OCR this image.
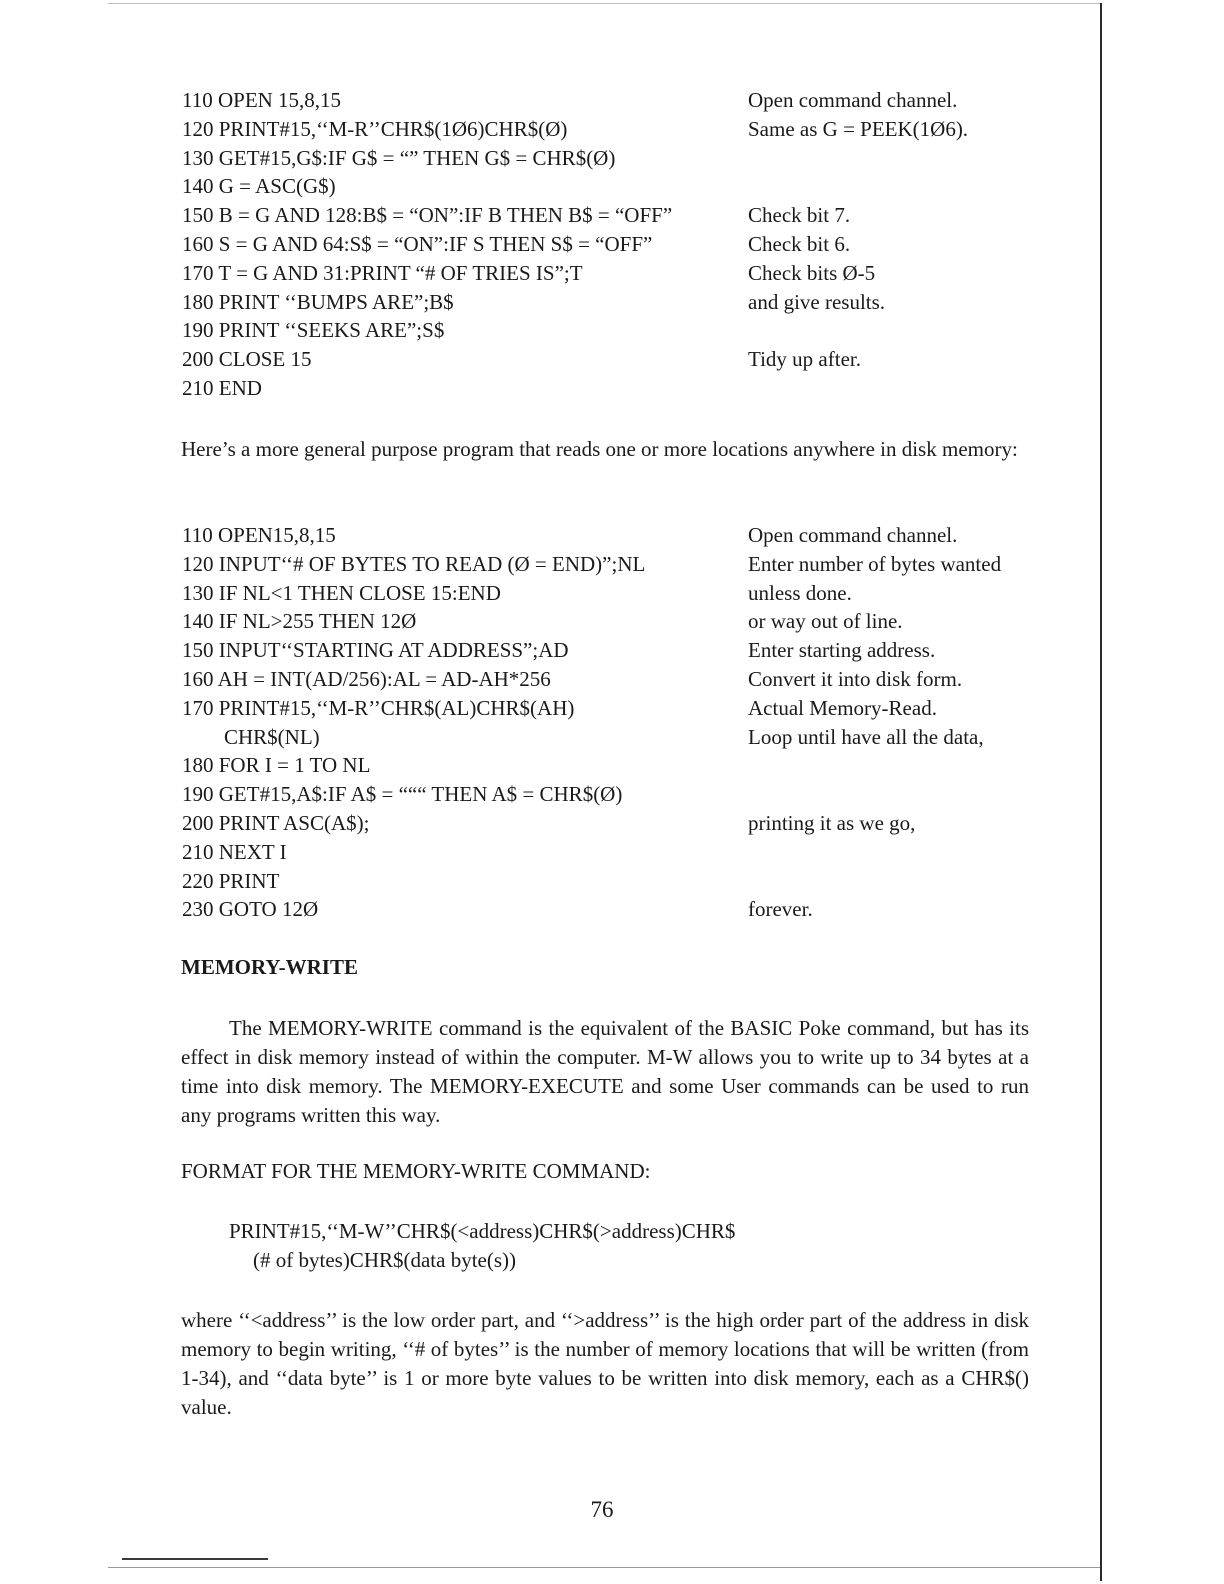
110 OPEN 15,8,15	Open command channel.
120 PRINT#15,‘‘M-R’’CHR$(1Ø6)CHR$(Ø)	Same as G = PEEK(1Ø6).
130 GET#15,G$:IF G$ = “” THEN G$ = CHR$(Ø)
140 G = ASC(G$)
150 B = G AND 128:B$ = “ON”:IF B THEN B$ = “OFF”	Check bit 7.
160 S = G AND 64:S$ = “ON”:IF S THEN S$ = “OFF”	Check bit 6.
170 T = G AND 31:PRINT “# OF TRIES IS”;T	Check bits Ø-5
180 PRINT ‘‘BUMPS ARE”;B$	and give results.
190 PRINT ‘‘SEEKS ARE”;S$
200 CLOSE 15	Tidy up after.
210 END

Here’s a more general purpose program that reads one or more locations anywhere in disk memory:

110 OPEN15,8,15	Open command channel.
120 INPUT‘‘# OF BYTES TO READ (Ø = END)”;NL	Enter number of bytes wanted
130 IF NL<1 THEN CLOSE 15:END	unless done.
140 IF NL>255 THEN 12Ø	or way out of line.
150 INPUT‘‘STARTING AT ADDRESS”;AD	Enter starting address.
160 AH = INT(AD/256):AL = AD-AH*256	Convert it into disk form.
170 PRINT#15,‘‘M-R’’CHR$(AL)CHR$(AH)	Actual Memory-Read.
CHR$(NL)	Loop until have all the data,
180 FOR I = 1 TO NL
190 GET#15,A$:IF A$ = “““ THEN A$ = CHR$(Ø)
200 PRINT ASC(A$);	printing it as we go,
210 NEXT I
220 PRINT
230 GOTO 12Ø	forever.
MEMORY-WRITE

The MEMORY-WRITE command is the equivalent of the BASIC Poke command, but has its effect in disk memory instead of within the computer. M-W allows you to write up to 34 bytes at a time into disk memory. The MEMORY-EXECUTE and some User commands can be used to run any programs written this way.

FORMAT FOR THE MEMORY-WRITE COMMAND:

PRINT#15,‘‘M-W’’CHR$(<address)CHR$(>address)CHR$

(# of bytes)CHR$(data byte(s))

where ‘‘<address’’ is the low order part, and ‘‘>address’’ is the high order part of the address in disk memory to begin writing, ‘‘# of bytes’’ is the number of memory locations that will be written (from 1-34), and ‘‘data byte’’ is 1 or more byte values to be written into disk memory, each as a CHR$() value.

76
